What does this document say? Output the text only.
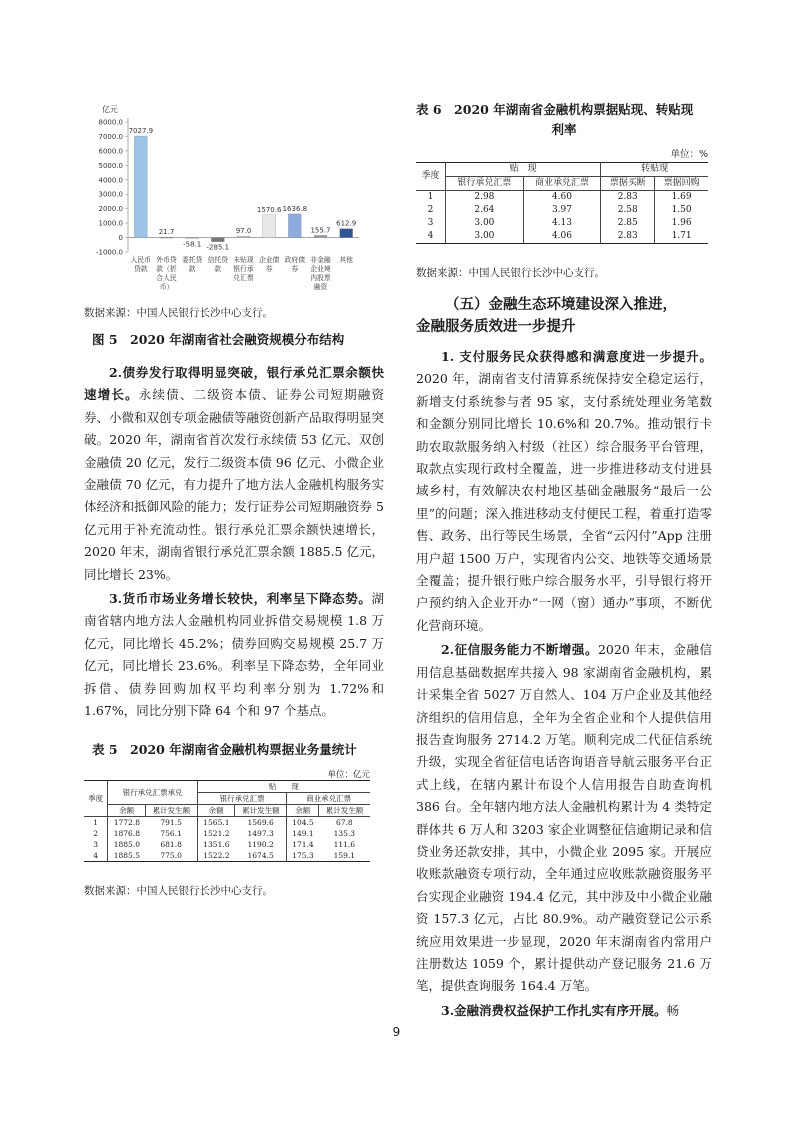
亿元
8000.0
7000.0
6000.0
5000.0
4000.0
3000.0
2000.0
1000.0
0
-1000.0
7027.9
人民币
贷款
21.7
外币贷
款（折
合人民
币）
-58.1
委托贷
款
-285.1
信托贷
款
97.0
未贴现
银行承
兑汇票
1570.6
企业债
券
1636.8
政府债
券
155.7
非金融
企业境
内股票
融资
612.9
其他
数据来源：中国人民银行长沙中心支行。
图 5　2020 年湖南省社会融资规模分布结构

2.债券发行取得明显突破，银行承兑汇票余额快速增长。永续债、二级资本债、证券公司短期融资券、小微和双创专项金融债等融资创新产品取得明显突破。2020 年，湖南省首次发行永续债 53 亿元、双创金融债 20 亿元，发行二级资本债 96 亿元、小微企业金融债 70 亿元，有力提升了地方法人金融机构服务实体经济和抵御风险的能力；发行证券公司短期融资券 5 亿元用于补充流动性。银行承兑汇票余额快速增长，2020 年末，湖南省银行承兑汇票余额 1885.5 亿元，同比增长 23%。

3.货币市场业务增长较快，利率呈下降态势。湖南省辖内地方法人金融机构同业拆借交易规模 1.8 万亿元，同比增长 45.2%；债券回购交易规模 25.7 万亿元，同比增长 23.6%。利率呈下降态势，全年同业拆借、债券回购加权平均利率分别为 1.72%和 1.67%，同比分别下降 64 个和 97 个基点。

表 5　2020 年湖南省金融机构票据业务量统计
单位：亿元
季度	银行承兑汇票承兑		贴　　现			
			银行承兑汇票		商业承兑汇票	
	余额	累计发生额	余额	累计发生额	余额	累计发生额
1	1772.8	791.5	1565.1	1569.6	104.5	67.8
2	1876.8	756.1	1521.2	1497.3	149.1	135.3
3	1885.0	681.8	1351.6	1190.2	171.4	111.6
4	1885.5	775.0	1522.2	1674.5	175.3	159.1
数据来源：中国人民银行长沙中心支行。
表 6　2020 年湖南省金融机构票据贴现、转贴现
利率
单位：%
季度	贴　现		转贴现	
	银行承兑汇票	商业承兑汇票	票据买断	票据回购
1	2.98	4.60	2.83	1.69
2	2.64	3.97	2.58	1.50
3	3.00	4.13	2.85	1.96
4	3.00	4.06	2.83	1.71
数据来源：中国人民银行长沙中心支行。
（五）金融生态环境建设深入推进，
金融服务质效进一步提升

1. 支付服务民众获得感和满意度进一步提升。2020 年，湖南省支付清算系统保持安全稳定运行，新增支付系统参与者 95 家，支付系统处理业务笔数和金额分别同比增长 10.6%和 20.7%。推动银行卡助农取款服务纳入村级（社区）综合服务平台管理，取款点实现行政村全覆盖，进一步推进移动支付进县域乡村，有效解决农村地区基础金融服务“最后一公里”的问题；深入推进移动支付便民工程，着重打造零售、政务、出行等民生场景，全省“云闪付”App 注册用户超 1500 万户，实现省内公交、地铁等交通场景全覆盖；提升银行账户综合服务水平，引导银行将开户预约纳入企业开办“一网（窗）通办”事项，不断优化营商环境。

2.征信服务能力不断增强。2020 年末，金融信用信息基础数据库共接入 98 家湖南省金融机构，累计采集全省 5027 万自然人、104 万户企业及其他经济组织的信用信息，全年为全省企业和个人提供信用报告查询服务 2714.2 万笔。顺利完成二代征信系统升级，实现全省征信电话咨询语音导航云服务平台正式上线，在辖内累计布设个人信用报告自助查询机 386 台。全年辖内地方法人金融机构累计为 4 类特定群体共 6 万人和 3203 家企业调整征信逾期记录和信贷业务还款安排，其中，小微企业 2095 家。开展应收账款融资专项行动，全年通过应收账款融资服务平台实现企业融资 194.4 亿元，其中涉及中小微企业融资 157.3 亿元，占比 80.9%。动产融资登记公示系统应用效果进一步显现，2020 年末湖南省内常用户注册数达 1059 个，累计提供动产登记服务 21.6 万笔，提供查询服务 164.4 万笔。

3.金融消费权益保护工作扎实有序开展。畅

9
